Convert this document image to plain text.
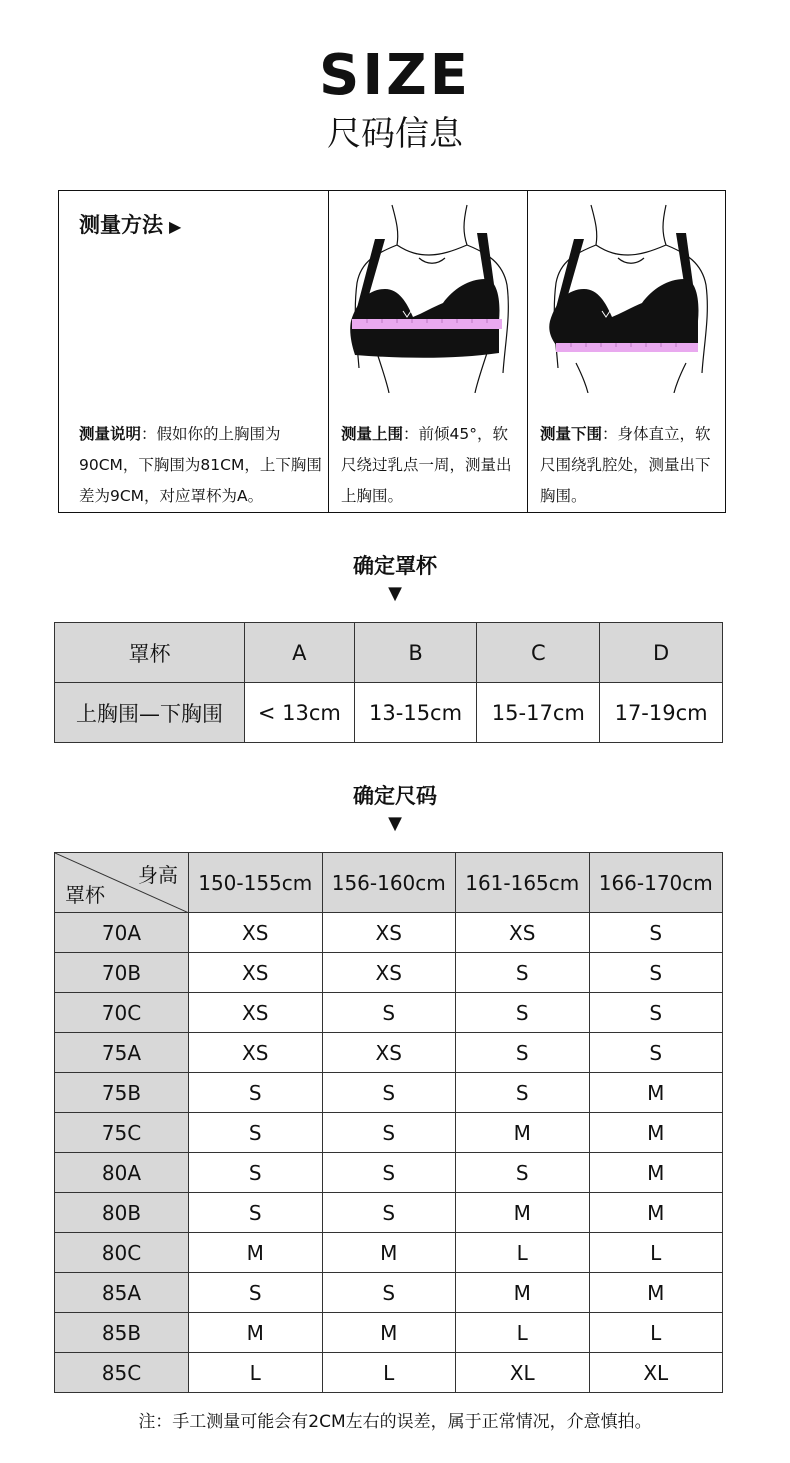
SIZE
尺码信息
测量方法 ▶
测量说明：假如你的上胸围为90CM，下胸围为81CM，上下胸围差为9CM，对应罩杯为A。
测量上围：前倾45°，软尺绕过乳点一周，测量出上胸围。
测量下围：身体直立，软尺围绕乳腔处，测量出下胸围。
确定罩杯
▼
罩杯	A	B	C	D
上胸围—下胸围	< 13cm	13-15cm	15-17cm	17-19cm
确定尺码
▼
身高
罩杯	150-155cm	156-160cm	161-165cm	166-170cm
70A	XS	XS	XS	S
70B	XS	XS	S	S
70C	XS	S	S	S
75A	XS	XS	S	S
75B	S	S	S	M
75C	S	S	M	M
80A	S	S	S	M
80B	S	S	M	M
80C	M	M	L	L
85A	S	S	M	M
85B	M	M	L	L
85C	L	L	XL	XL
注：手工测量可能会有2CM左右的误差，属于正常情况，介意慎拍。
